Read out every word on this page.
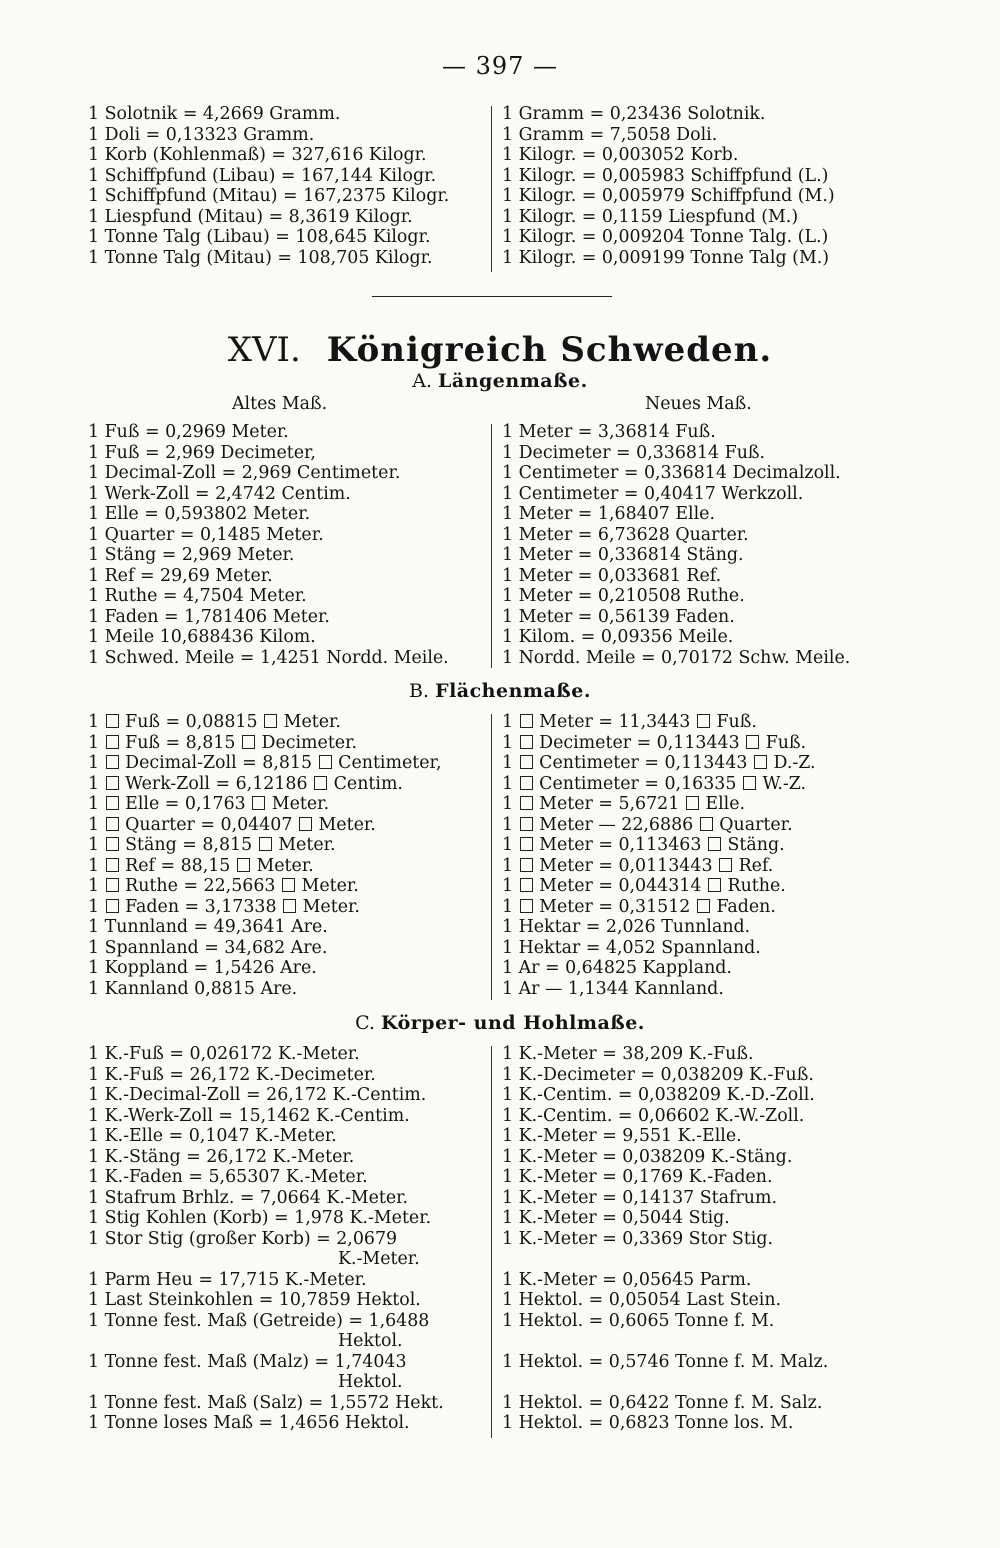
— 397 —
1 Solotnik = 4,2669 Gramm.
1 Doli = 0,13323 Gramm.
1 Korb (Kohlenmaß) = 327,616 Kilogr.
1 Schiffpfund (Libau) = 167,144 Kilogr.
1 Schiffpfund (Mitau) = 167,2375 Kilogr.
1 Liespfund (Mitau) = 8,3619 Kilogr.
1 Tonne Talg (Libau) = 108,645 Kilogr.
1 Tonne Talg (Mitau) = 108,705 Kilogr.
1 Gramm = 0,23436 Solotnik.
1 Gramm = 7,5058 Doli.
1 Kilogr. = 0,003052 Korb.
1 Kilogr. = 0,005983 Schiffpfund (L.)
1 Kilogr. = 0,005979 Schiffpfund (M.)
1 Kilogr. = 0,1159 Liespfund (M.)
1 Kilogr. = 0,009204 Tonne Talg. (L.)
1 Kilogr. = 0,009199 Tonne Talg (M.)
XVI. Königreich Schweden.
A. Längenmaße.
Altes Maß.	Neues Maß.
1 Fuß = 0,2969 Meter.
1 Fuß = 2,969 Decimeter,
1 Decimal-Zoll = 2,969 Centimeter.
1 Werk-Zoll = 2,4742 Centim.
1 Elle = 0,593802 Meter.
1 Quarter = 0,1485 Meter.
1 Stäng = 2,969 Meter.
1 Ref = 29,69 Meter.
1 Ruthe = 4,7504 Meter.
1 Faden = 1,781406 Meter.
1 Meile 10,688436 Kilom.
1 Schwed. Meile = 1,4251 Nordd. Meile.
1 Meter = 3,36814 Fuß.
1 Decimeter = 0,336814 Fuß.
1 Centimeter = 0,336814 Decimalzoll.
1 Centimeter = 0,40417 Werkzoll.
1 Meter = 1,68407 Elle.
1 Meter = 6,73628 Quarter.
1 Meter = 0,336814 Stäng.
1 Meter = 0,033681 Ref.
1 Meter = 0,210508 Ruthe.
1 Meter = 0,56139 Faden.
1 Kilom. = 0,09356 Meile.
1 Nordd. Meile = 0,70172 Schw. Meile.
B. Flächenmaße.
1 Fuß = 0,08815 Meter.
1 Fuß = 8,815 Decimeter.
1 Decimal-Zoll = 8,815 Centimeter,
1 Werk-Zoll = 6,12186 Centim.
1 Elle = 0,1763 Meter.
1 Quarter = 0,04407 Meter.
1 Stäng = 8,815 Meter.
1 Ref = 88,15 Meter.
1 Ruthe = 22,5663 Meter.
1 Faden = 3,17338 Meter.
1 Tunnland = 49,3641 Are.
1 Spannland = 34,682 Are.
1 Koppland = 1,5426 Are.
1 Kannland 0,8815 Are.
1 Meter = 11,3443 Fuß.
1 Decimeter = 0,113443 Fuß.
1 Centimeter = 0,113443 D.-Z.
1 Centimeter = 0,16335 W.-Z.
1 Meter = 5,6721 Elle.
1 Meter — 22,6886 Quarter.
1 Meter = 0,113463 Stäng.
1 Meter = 0,0113443 Ref.
1 Meter = 0,044314 Ruthe.
1 Meter = 0,31512 Faden.
1 Hektar = 2,026 Tunnland.
1 Hektar = 4,052 Spannland.
1 Ar = 0,64825 Kappland.
1 Ar — 1,1344 Kannland.
C. Körper- und Hohlmaße.
1 K.-Fuß = 0,026172 K.-Meter.
1 K.-Fuß = 26,172 K.-Decimeter.
1 K.-Decimal-Zoll = 26,172 K.-Centim.
1 K.-Werk-Zoll = 15,1462 K.-Centim.
1 K.-Elle = 0,1047 K.-Meter.
1 K.-Stäng = 26,172 K.-Meter.
1 K.-Faden = 5,65307 K.-Meter.
1 Stafrum Brhlz. = 7,0664 K.-Meter.
1 Stig Kohlen (Korb) = 1,978 K.-Meter.
1 Stor Stig (großer Korb) = 2,0679
K.-Meter.
1 Parm Heu = 17,715 K.-Meter.
1 Last Steinkohlen = 10,7859 Hektol.
1 Tonne fest. Maß (Getreide) = 1,6488
Hektol.
1 Tonne fest. Maß (Malz) = 1,74043
Hektol.
1 Tonne fest. Maß (Salz) = 1,5572 Hekt.
1 Tonne loses Maß = 1,4656 Hektol.
1 K.-Meter = 38,209 K.-Fuß.
1 K.-Decimeter = 0,038209 K.-Fuß.
1 K.-Centim. = 0,038209 K.-D.-Zoll.
1 K.-Centim. = 0,06602 K.-W.-Zoll.
1 K.-Meter = 9,551 K.-Elle.
1 K.-Meter = 0,038209 K.-Stäng.
1 K.-Meter = 0,1769 K.-Faden.
1 K.-Meter = 0,14137 Stafrum.
1 K.-Meter = 0,5044 Stig.
1 K.-Meter = 0,3369 Stor Stig.
1 K.-Meter = 0,05645 Parm.
1 Hektol. = 0,05054 Last Stein.
1 Hektol. = 0,6065 Tonne f. M.
1 Hektol. = 0,5746 Tonne f. M. Malz.
1 Hektol. = 0,6422 Tonne f. M. Salz.
1 Hektol. = 0,6823 Tonne los. M.
